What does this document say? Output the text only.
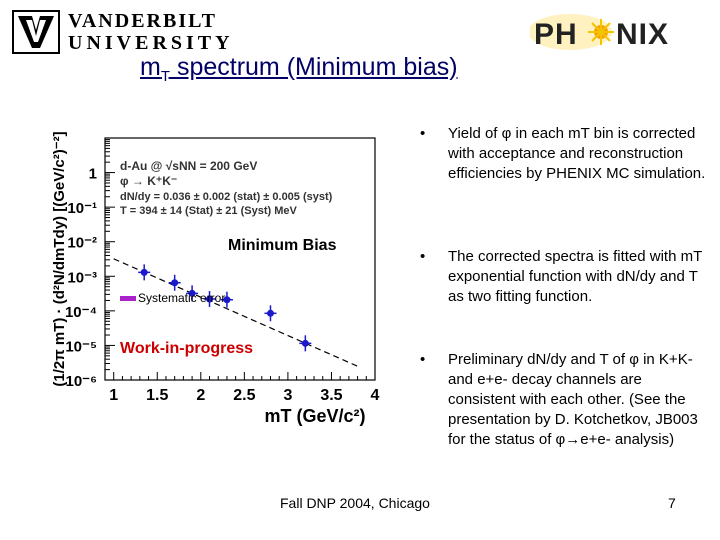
VANDERBILT
UNIVERSITY	PH NIX
$m_T$ spectrum (Minimum bias)
1 1.5 2 2.5 3 3.5 4
mT (GeV/c²)
1
10⁻¹
10⁻²
10⁻³
10⁻⁴
10⁻⁵
10⁻⁶
(1/2π mT) · (d²N/dmTdy) [(GeV/c²)⁻²]	d-Au @ √sNN = 200 GeV
φ → K⁺K⁻
dN/dy = 0.036 ± 0.002 (stat) ± 0.005 (syst)
T = 394 ± 14 (Stat) ± 21 (Syst) MeV
Minimum Bias
Systematic error
Work-in-progress
• Yield of φ in each mT bin is corrected with acceptance and reconstruction efficiencies by PHENIX MC simulation.
• The corrected spectra is fitted with mT exponential function with dN/dy and T as two fitting function.
• Preliminary dN/dy and T of φ in K+K- and e+e- decay channels are consistent with each other. (See the presentation by D. Kotchetkov, JB003 for the status of φ→e+e- analysis)
Fall DNP 2004, Chicago	7
